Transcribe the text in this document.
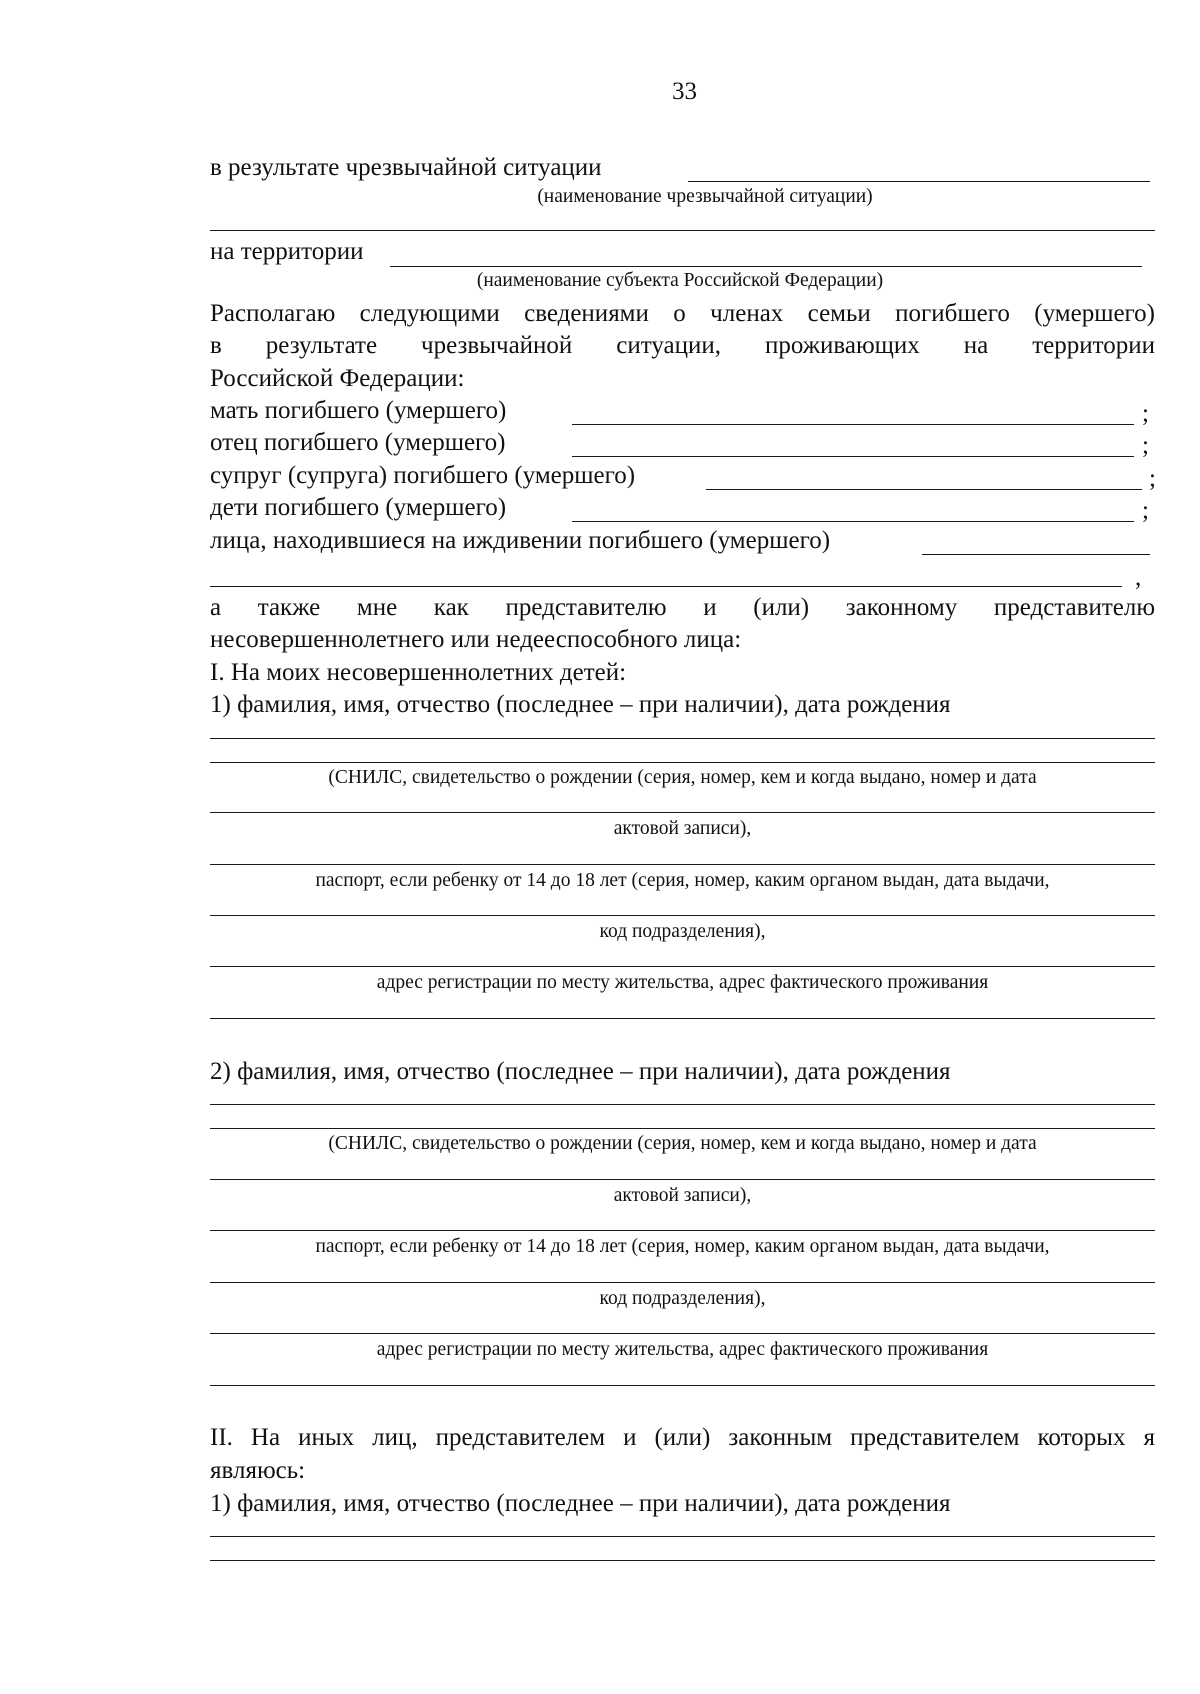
33
в результате чрезвычайной ситуации
(наименование чрезвычайной ситуации)
на территории
(наименование субъекта Российской Федерации)
Располагаю следующими сведениями о членах семьи погибшего (умершего)
в результате чрезвычайной ситуации, проживающих на территории
Российской Федерации:
мать погибшего (умершего)	;
отец погибшего (умершего)	;
супруг (супруга) погибшего (умершего)	;
дети погибшего (умершего)	;
лица, находившиеся на иждивении погибшего (умершего)
,
а также мне как представителю и (или) законному представителю
несовершеннолетнего или недееспособного лица:
I. На моих несовершеннолетних детей:
1) фамилия, имя, отчество (последнее – при наличии), дата рождения
(СНИЛС, свидетельство о рождении (серия, номер, кем и когда выдано, номер и дата
актовой записи),
паспорт, если ребенку от 14 до 18 лет (серия, номер, каким органом выдан, дата выдачи,
код подразделения),
адрес регистрации по месту жительства, адрес фактического проживания
2) фамилия, имя, отчество (последнее – при наличии), дата рождения
(СНИЛС, свидетельство о рождении (серия, номер, кем и когда выдано, номер и дата
актовой записи),
паспорт, если ребенку от 14 до 18 лет (серия, номер, каким органом выдан, дата выдачи,
код подразделения),
адрес регистрации по месту жительства, адрес фактического проживания
II. На иных лиц, представителем и (или) законным представителем которых я
являюсь:
1) фамилия, имя, отчество (последнее – при наличии), дата рождения
